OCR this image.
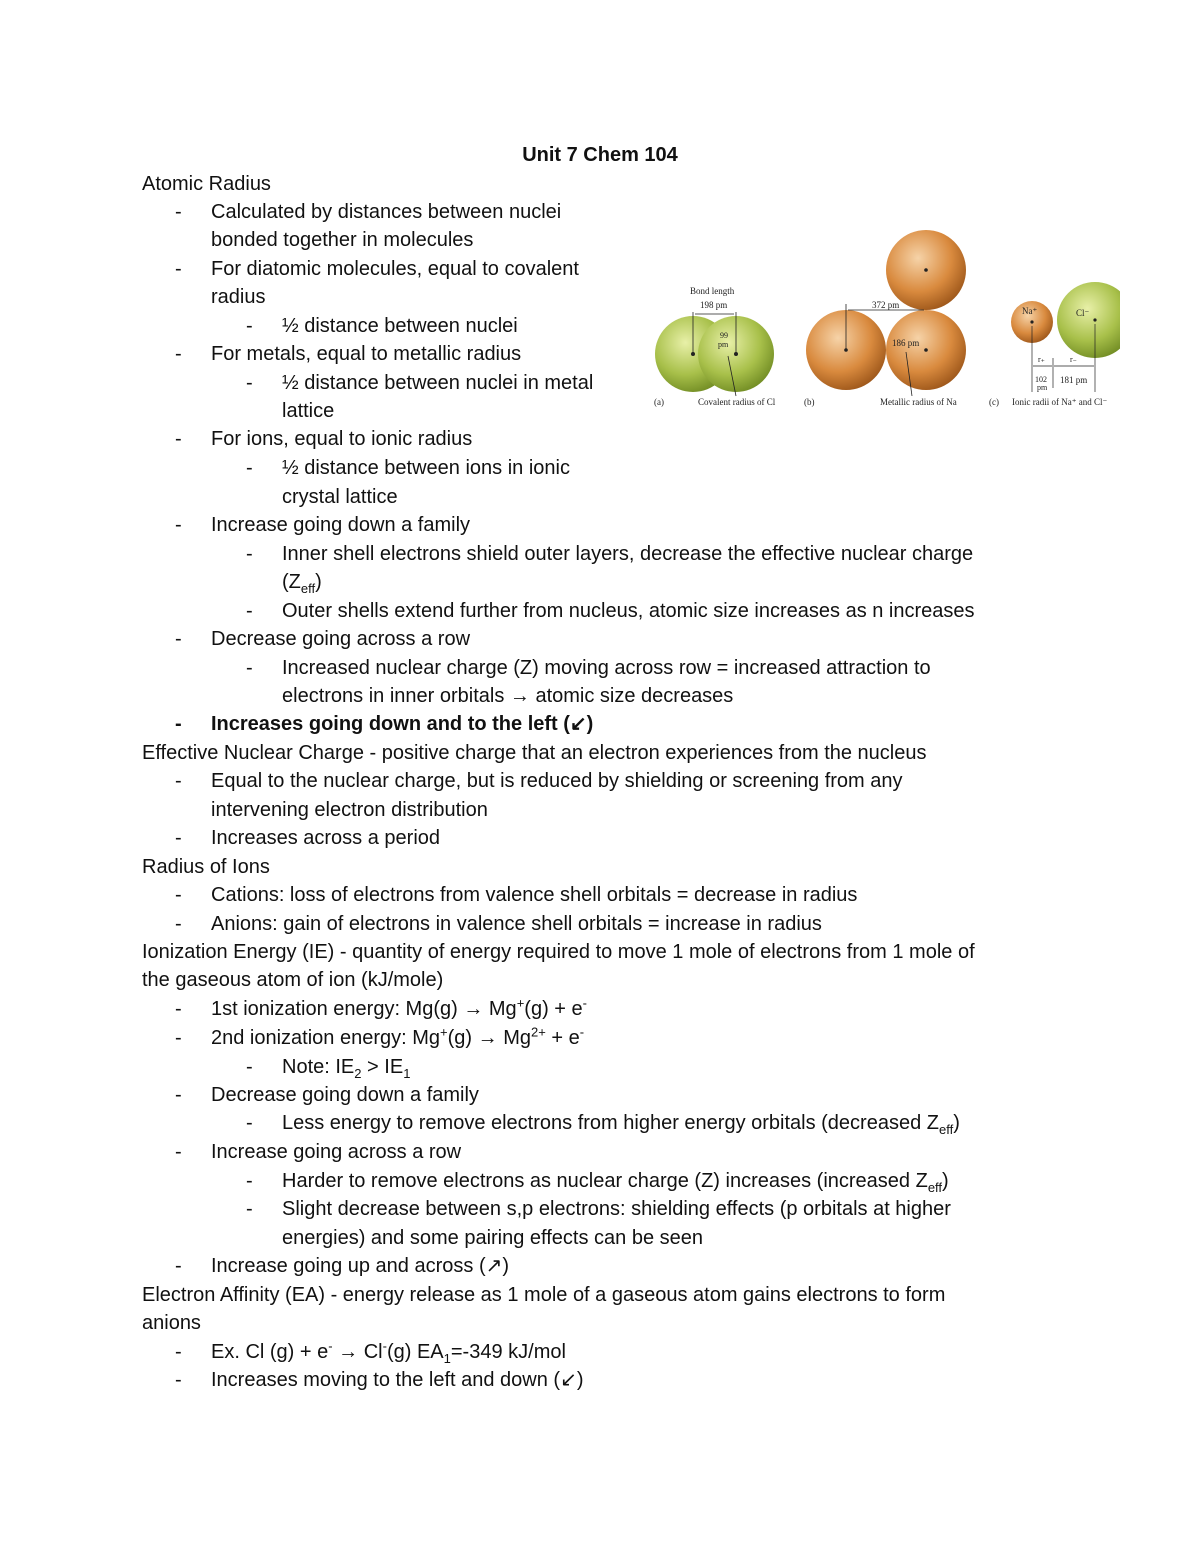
Unit 7 Chem 104
Atomic Radius
- Calculated by distances between nuclei
bonded together in molecules
- For diatomic molecules, equal to covalent
radius
- ½ distance between nuclei
- For metals, equal to metallic radius
- ½ distance between nuclei in metal
lattice
- For ions, equal to ionic radius
- ½ distance between ions in ionic
crystal lattice
- Increase going down a family
- Inner shell electrons shield outer layers, decrease the effective nuclear charge
$(Z_{eff})$
- Outer shells extend further from nucleus, atomic size increases as n increases
- Decrease going across a row
- Increased nuclear charge (Z) moving across row = increased attraction to
electrons in inner orbitals → atomic size decreases
- Increases going down and to the left (↙)
Effective Nuclear Charge - positive charge that an electron experiences from the nucleus
- Equal to the nuclear charge, but is reduced by shielding or screening from any
intervening electron distribution
- Increases across a period
Radius of Ions
- Cations: loss of electrons from valence shell orbitals = decrease in radius
- Anions: gain of electrons in valence shell orbitals = increase in radius
Ionization Energy (IE) - quantity of energy required to move 1 mole of electrons from 1 mole of
the gaseous atom of ion (kJ/mole)
- 1st ionization energy: Mg(g) → Mg+(g) + e-
- 2nd ionization energy: $Mg^+(g) \to Mg^{2+} + e^-$
- Note: $IE_2 > IE_1$
- Decrease going down a family
- Less energy to remove electrons from higher energy orbitals (decreased $Z_{eff}$)
- Increase going across a row
- Harder to remove electrons as nuclear charge (Z) increases (increased $Z_{eff}$)
- Slight decrease between s,p electrons: shielding effects (p orbitals at higher
energies) and some pairing effects can be seen
- Increase going up and across (↗)
Electron Affinity (EA) - energy release as 1 mole of a gaseous atom gains electrons to form
anions
- Ex. Cl (g) + e- → Cl-(g) $EA_1=-349$ kJ/mol
- Increases moving to the left and down (↙)
Bond length
198 pm
99
pm
(a)	Covalent radius of Cl
372 pm
186 pm
(b)	Metallic radius of Na
Na⁺	Cl⁻
r₊	r₋
102
pm
181 pm
(c) Ionic radii of Na⁺ and Cl⁻
